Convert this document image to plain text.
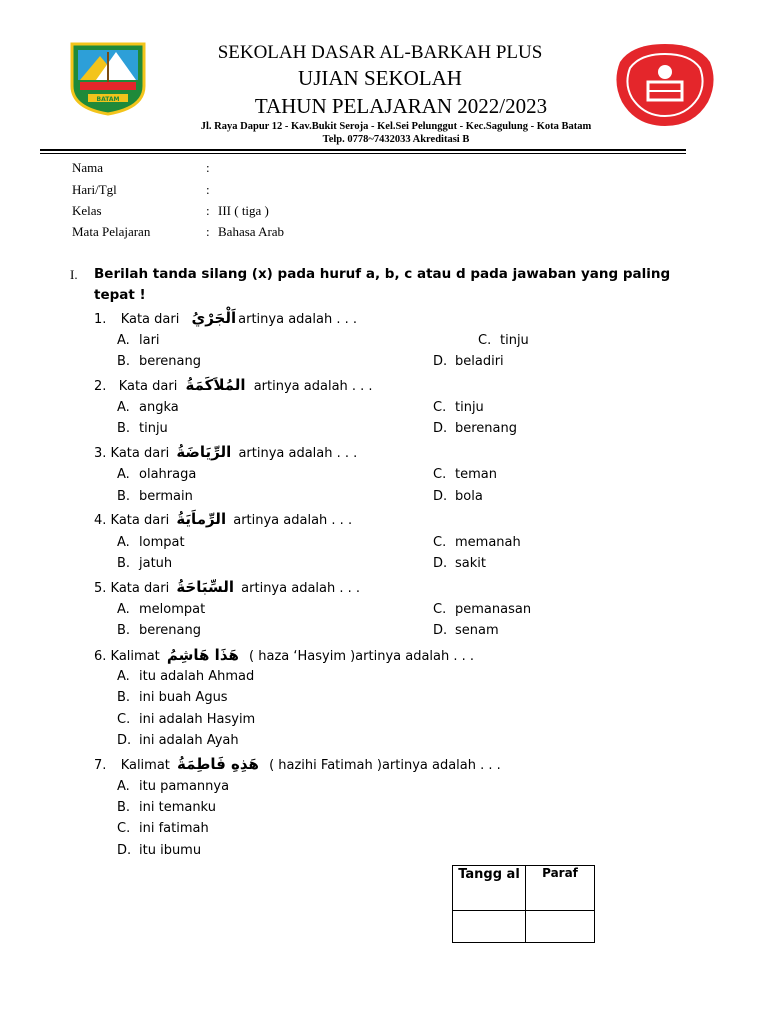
BATAM
SEKOLAH DASAR AL-BARKAH PLUS
UJIAN SEKOLAH
TAHUN PELAJARAN 2022/2023
Jl. Raya Dapur 12 - Kav.Bukit Seroja - Kel.Sei Pelunggut - Kec.Sagulung - Kota Batam
Telp. 0778~7432033 Akreditasi B
Nama	:
Hari/Tgl	:
Kelas	: III ( tiga )
Mata Pelajaran	: Bahasa Arab
I. Berilah tanda silang (x) pada huruf a, b, c atau d pada jawaban yang paling tepat !
1. Kata dari اَلْجَرْيُ artinya adalah . . .
A. lari
B. berenang
C. tinju
D. beladiri
2. Kata dari المُلاَكَمَةُ artinya adalah . . .
A. angka
B. tinju
C. tinju
D. berenang
3. Kata dari الرِّيَاضَةُ artinya adalah . . .
A. olahraga
B. bermain
C. teman
D. bola
4. Kata dari الرِّماَيَةُ artinya adalah . . .
A. lompat
B. jatuh
C. memanah
D. sakit
5. Kata dari السِّبَاحَةُ artinya adalah . . .
A. melompat
B. berenang
C. pemanasan
D. senam
6. Kalimat هَذَا هَاشِمُ ( haza ‘Hasyim )artinya adalah . . .
A. itu adalah Ahmad
B. ini buah Agus
C. ini adalah Hasyim
D. ini adalah Ayah
7. Kalimat هَذِهِ فَاطِمَةُ ( hazihi Fatimah )artinya adalah . . .
A. itu pamannya
B. ini temanku
C. ini fatimah
D. itu ibumu
Tangg al	Paraf
